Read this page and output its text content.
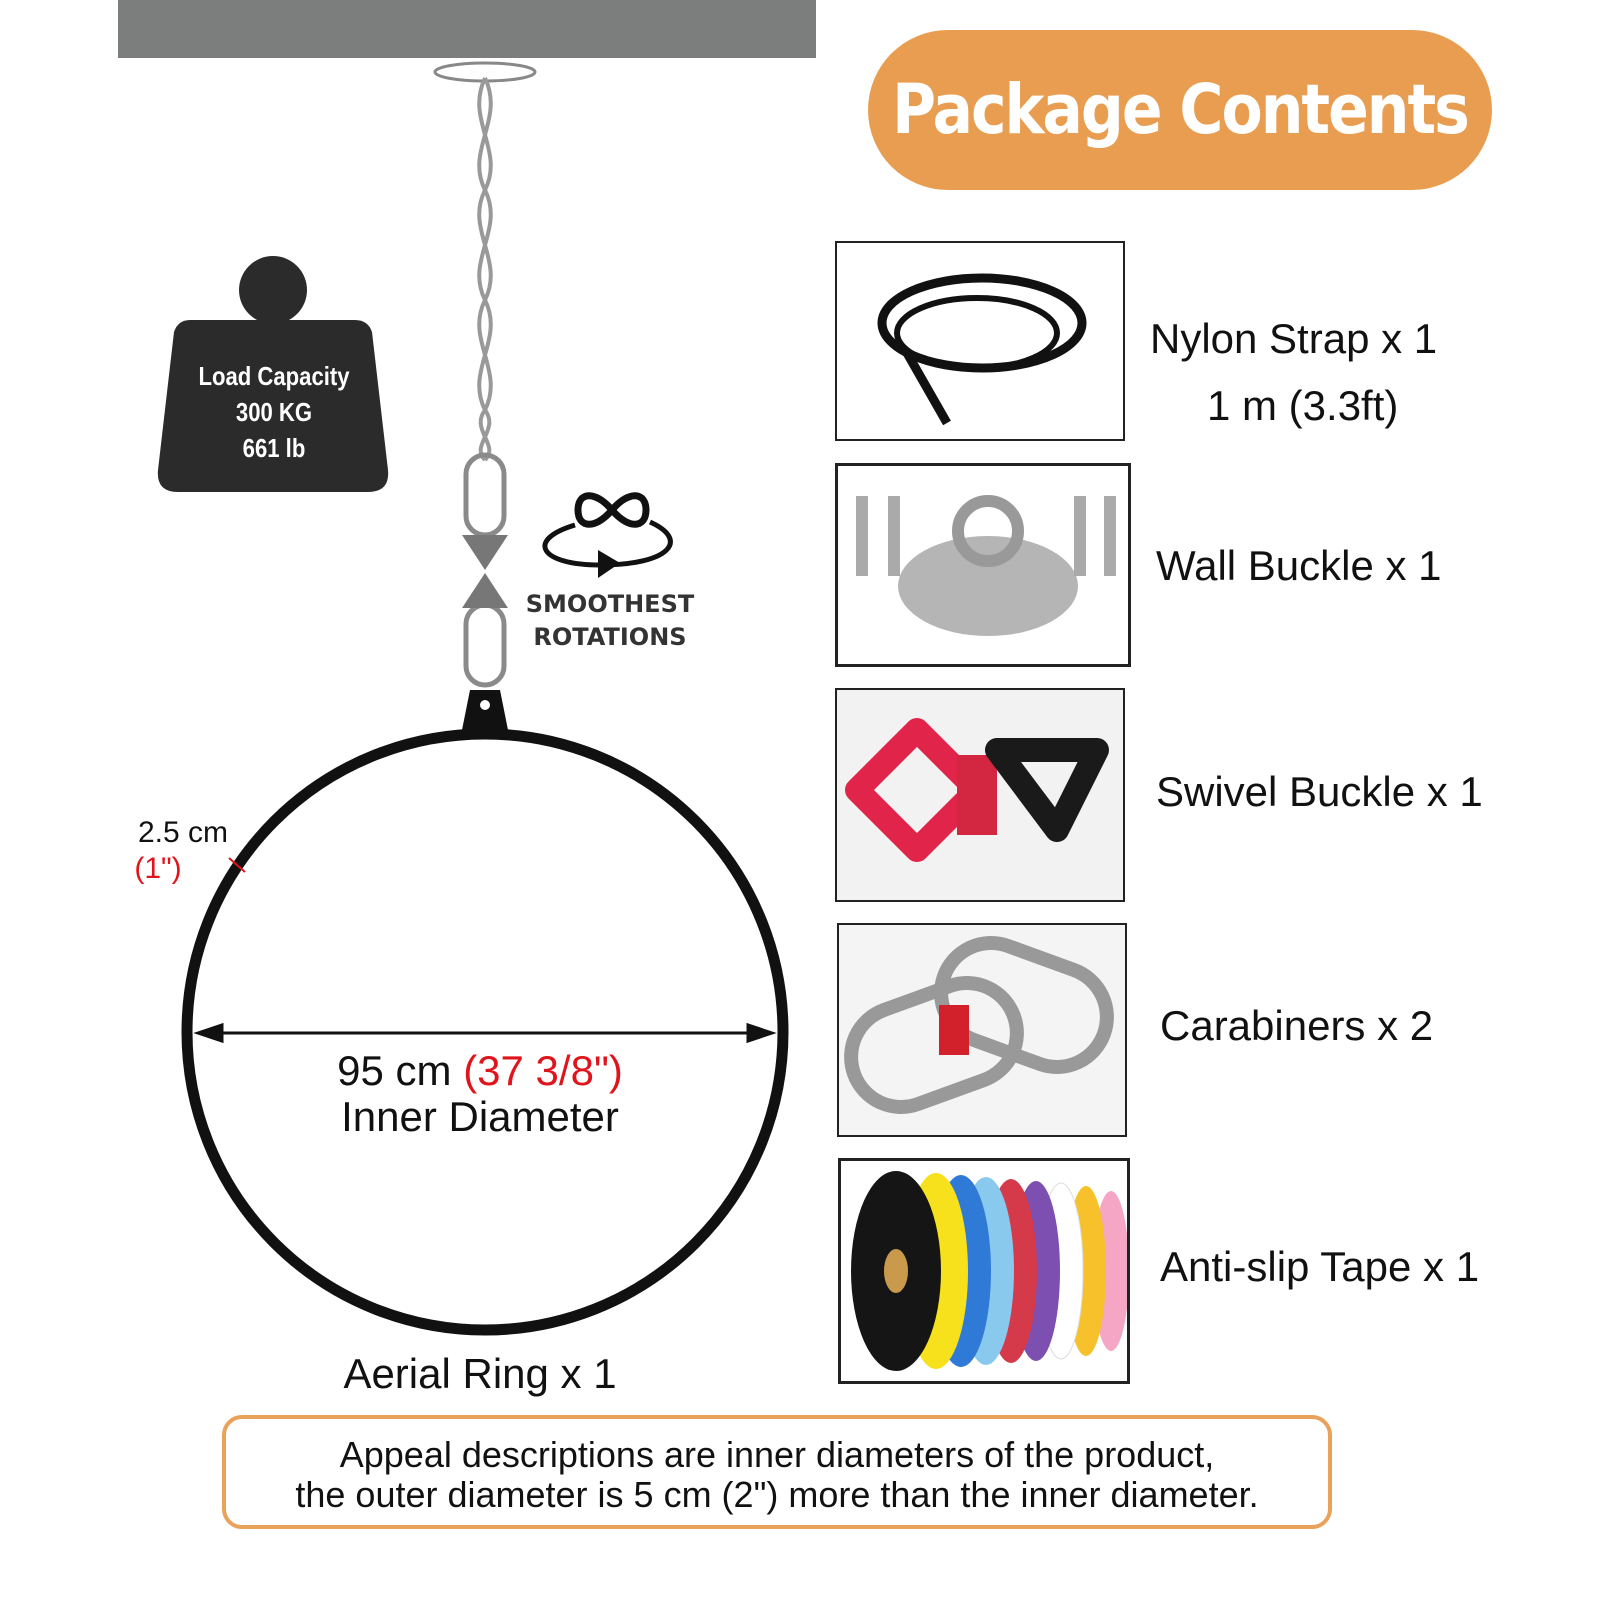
Package Contents
Load Capacity
300 KG
661 lb
SMOOTHEST
ROTATIONS
2.5 cm
(1")
95 cm (37 3/8")
Inner Diameter
Aerial Ring x 1
Nylon Strap x 1
1 m (3.3ft)
Wall Buckle x 1
Swivel Buckle x 1
Carabiners x 2
Anti-slip Tape x 1
Appeal descriptions are inner diameters of the product,
the outer diameter is 5 cm (2") more than the inner diameter.
